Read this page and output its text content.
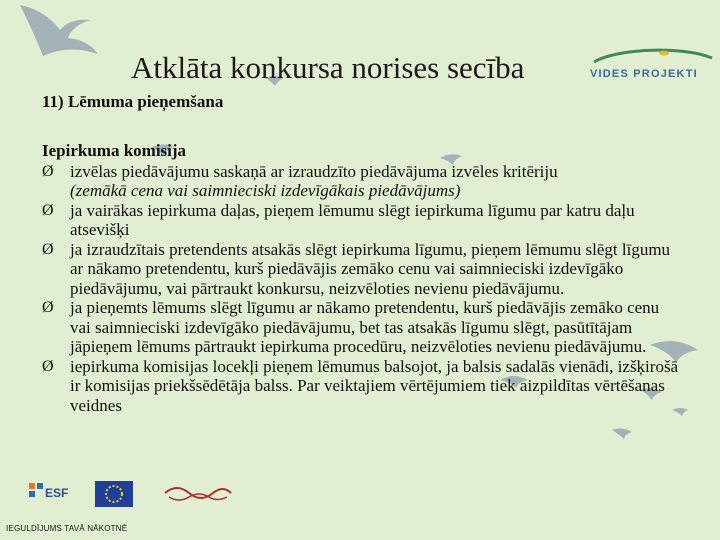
Atklāta konkursa norises secība	VIDES PROJEKTI
11) Lēmuma pieņemšana
Iepirkuma komisija
Ø izvēlas piedāvājumu saskaņā ar izraudzīto piedāvājuma izvēles kritēriju
(zemākā cena vai saimnieciski izdevīgākais piedāvājums)
Ø ja vairākas iepirkuma daļas, pieņem lēmumu slēgt iepirkuma līgumu par katru daļu atsevišķi
Ø ja izraudzītais pretendents atsakās slēgt iepirkuma līgumu, pieņem lēmumu slēgt līgumu ar nākamo pretendentu, kurš piedāvājis zemāko cenu vai saimnieciski izdevīgāko piedāvājumu, vai pārtraukt konkursu, neizvēloties nevienu piedāvājumu.
Ø ja pieņemts lēmums slēgt līgumu ar nākamo pretendentu, kurš piedāvājis zemāko cenu vai saimnieciski izdevīgāko piedāvājumu, bet tas atsakās līgumu slēgt, pasūtītājam jāpieņem lēmums pārtraukt iepirkuma procedūru, neizvēloties nevienu piedāvājumu.
Ø iepirkuma komisijas locekļi pieņem lēmumus balsojot, ja balsis sadalās vienādi, izšķirošā ir komisijas priekšsēdētāja balss. Par veiktajiem vērtējumiem tiek aizpildītas vērtēšanas veidnes
ESF
IEGULDĪJUMS TAVĀ NĀKOTNĒ
